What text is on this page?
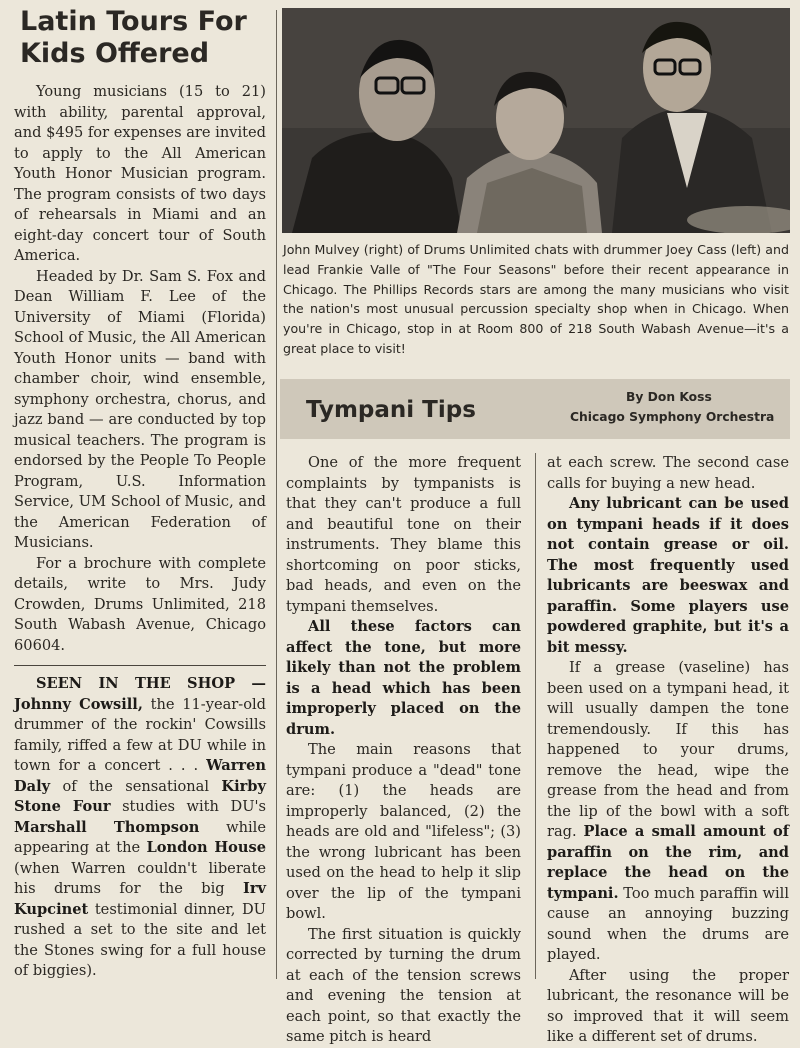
Latin Tours For
Kids Offered

Young musicians (15 to 21) with ability, parental approval, and $495 for expenses are invited to apply to the All American Youth Honor Musician program. The program consists of two days of rehearsals in Miami and an eight-day concert tour of South America.

Headed by Dr. Sam S. Fox and Dean William F. Lee of the University of Miami (Florida) School of Music, the All American Youth Honor units — band with chamber choir, wind ensemble, symphony orchestra, chorus, and jazz band — are conducted by top musical teachers. The program is endorsed by the People To People Program, U.S. Information Service, UM School of Music, and the American Federation of Musicians.

For a brochure with complete details, write to Mrs. Judy Crowden, Drums Unlimited, 218 South Wabash Avenue, Chicago 60604.

SEEN IN THE SHOP — Johnny Cowsill, the 11-year-old drummer of the rockin' Cowsills family, riffed a few at DU while in town for a concert . . . Warren Daly of the sensational Kirby Stone Four studies with DU's Marshall Thompson while appearing at the London House (when Warren couldn't liberate his drums for the big Irv Kupcinet testimonial dinner, DU rushed a set to the site and let the Stones swing for a full house of biggies).

John Mulvey (right) of Drums Unlimited chats with drummer Joey Cass (left) and lead Frankie Valle of "The Four Seasons" before their recent appearance in Chicago. The Phillips Records stars are among the many musicians who visit the nation's most unusual percussion specialty shop when in Chicago. When you're in Chicago, stop in at Room 800 of 218 South Wabash Avenue—it's a great place to visit!

Tympani Tips	By Don Koss
Chicago Symphony Orchestra

One of the more frequent complaints by tympanists is that they can't produce a full and beautiful tone on their instruments. They blame this shortcoming on poor sticks, bad heads, and even on the tympani themselves.

All these factors can affect the tone, but more likely than not the problem is a head which has been improperly placed on the drum.

The main reasons that tympani produce a "dead" tone are: (1) the heads are improperly balanced, (2) the heads are old and "lifeless"; (3) the wrong lubricant has been used on the head to help it slip over the lip of the tympani bowl.

The first situation is quickly corrected by turning the drum at each of the tension screws and evening the tension at each point, so that exactly the same pitch is heard

at each screw. The second case calls for buying a new head.

Any lubricant can be used on tympani heads if it does not contain grease or oil. The most frequently used lubricants are beeswax and paraffin. Some players use powdered graphite, but it's a bit messy.

If a grease (vaseline) has been used on a tympani head, it will usually dampen the tone tremendously. If this has happened to your drums, remove the head, wipe the grease from the head and from the lip of the bowl with a soft rag. Place a small amount of paraffin on the rim, and replace the head on the tympani. Too much paraffin will cause an annoying buzzing sound when the drums are played.

After using the proper lubricant, the resonance will be so improved that it will seem like a different set of drums.
